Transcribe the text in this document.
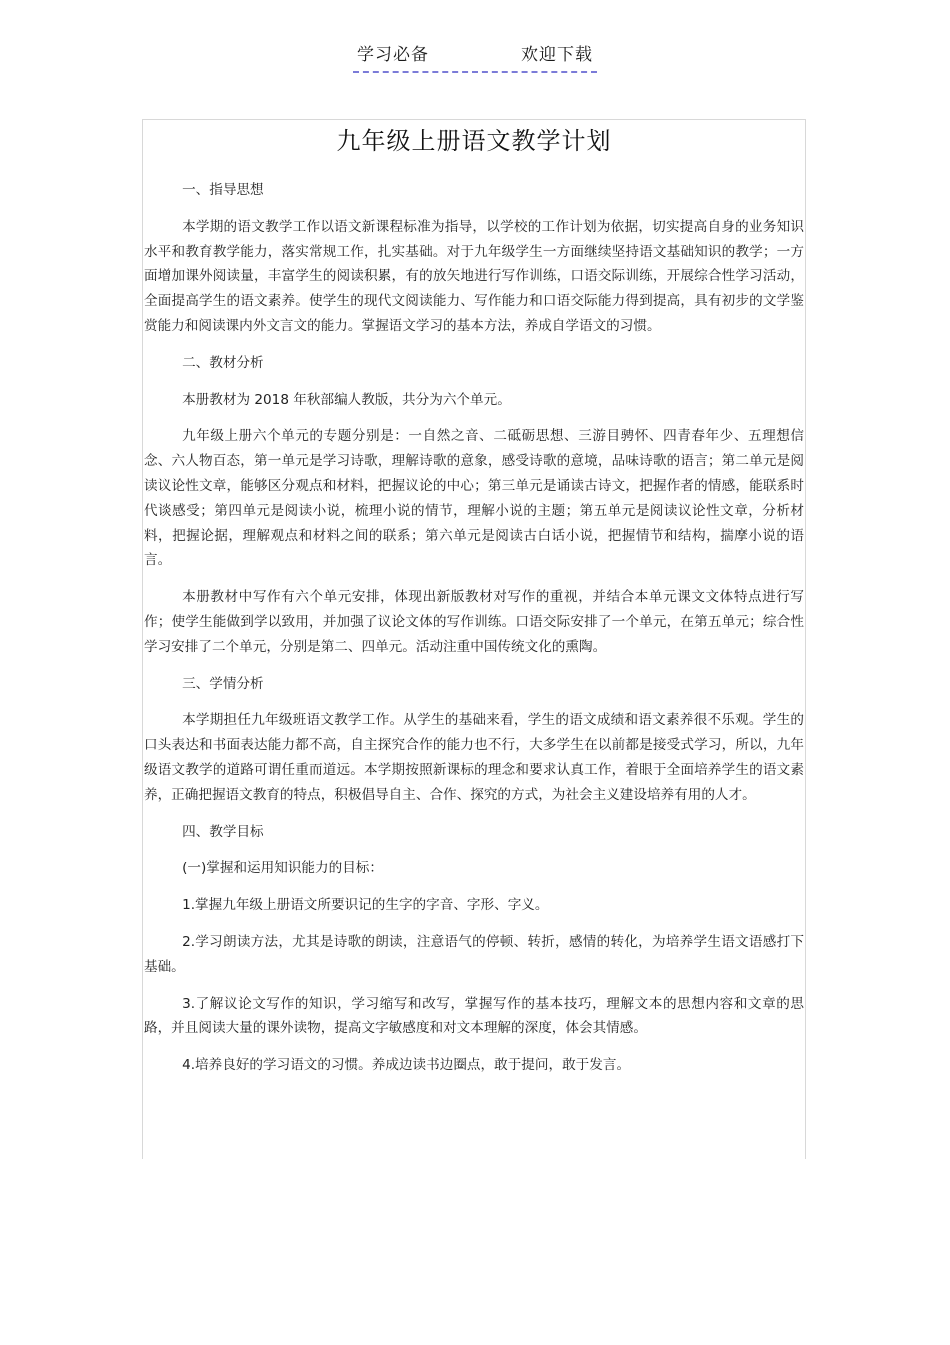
学习必备	欢迎下载
九年级上册语文教学计划

一、指导思想

本学期的语文教学工作以语文新课程标准为指导，以学校的工作计划为依据，切实提高自身的业务知识水平和教育教学能力，落实常规工作，扎实基础。对于九年级学生一方面继续坚持语文基础知识的教学；一方面增加课外阅读量，丰富学生的阅读积累，有的放矢地进行写作训练，口语交际训练，开展综合性学习活动，全面提高学生的语文素养。使学生的现代文阅读能力、写作能力和口语交际能力得到提高，具有初步的文学鉴赏能力和阅读课内外文言文的能力。掌握语文学习的基本方法，养成自学语文的习惯。

二、教材分析

本册教材为 2018 年秋部编人教版，共分为六个单元。

九年级上册六个单元的专题分别是：一自然之音、二砥砺思想、三游目骋怀、四青春年少、五理想信念、六人物百态，第一单元是学习诗歌，理解诗歌的意象，感受诗歌的意境，品味诗歌的语言；第二单元是阅读议论性文章，能够区分观点和材料，把握议论的中心；第三单元是诵读古诗文，把握作者的情感，能联系时代谈感受；第四单元是阅读小说，梳理小说的情节，理解小说的主题；第五单元是阅读议论性文章，分析材料，把握论据，理解观点和材料之间的联系；第六单元是阅读古白话小说，把握情节和结构，揣摩小说的语言。

本册教材中写作有六个单元安排，体现出新版教材对写作的重视，并结合本单元课文文体特点进行写作；使学生能做到学以致用，并加强了议论文体的写作训练。口语交际安排了一个单元，在第五单元；综合性学习安排了二个单元，分别是第二、四单元。活动注重中国传统文化的熏陶。

三、学情分析

本学期担任九年级班语文教学工作。从学生的基础来看，学生的语文成绩和语文素养很不乐观。学生的口头表达和书面表达能力都不高，自主探究合作的能力也不行，大多学生在以前都是接受式学习，所以，九年级语文教学的道路可谓任重而道远。本学期按照新课标的理念和要求认真工作，着眼于全面培养学生的语文素养，正确把握语文教育的特点，积极倡导自主、合作、探究的方式，为社会主义建设培养有用的人才。

四、教学目标

(一)掌握和运用知识能力的目标：

1.掌握九年级上册语文所要识记的生字的字音、字形、字义。

2.学习朗读方法，尤其是诗歌的朗读，注意语气的停顿、转折，感情的转化，为培养学生语文语感打下基础。

3.了解议论文写作的知识，学习缩写和改写，掌握写作的基本技巧，理解文本的思想内容和文章的思路，并且阅读大量的课外读物，提高文字敏感度和对文本理解的深度，体会其情感。

4.培养良好的学习语文的习惯。养成边读书边圈点，敢于提问，敢于发言。
